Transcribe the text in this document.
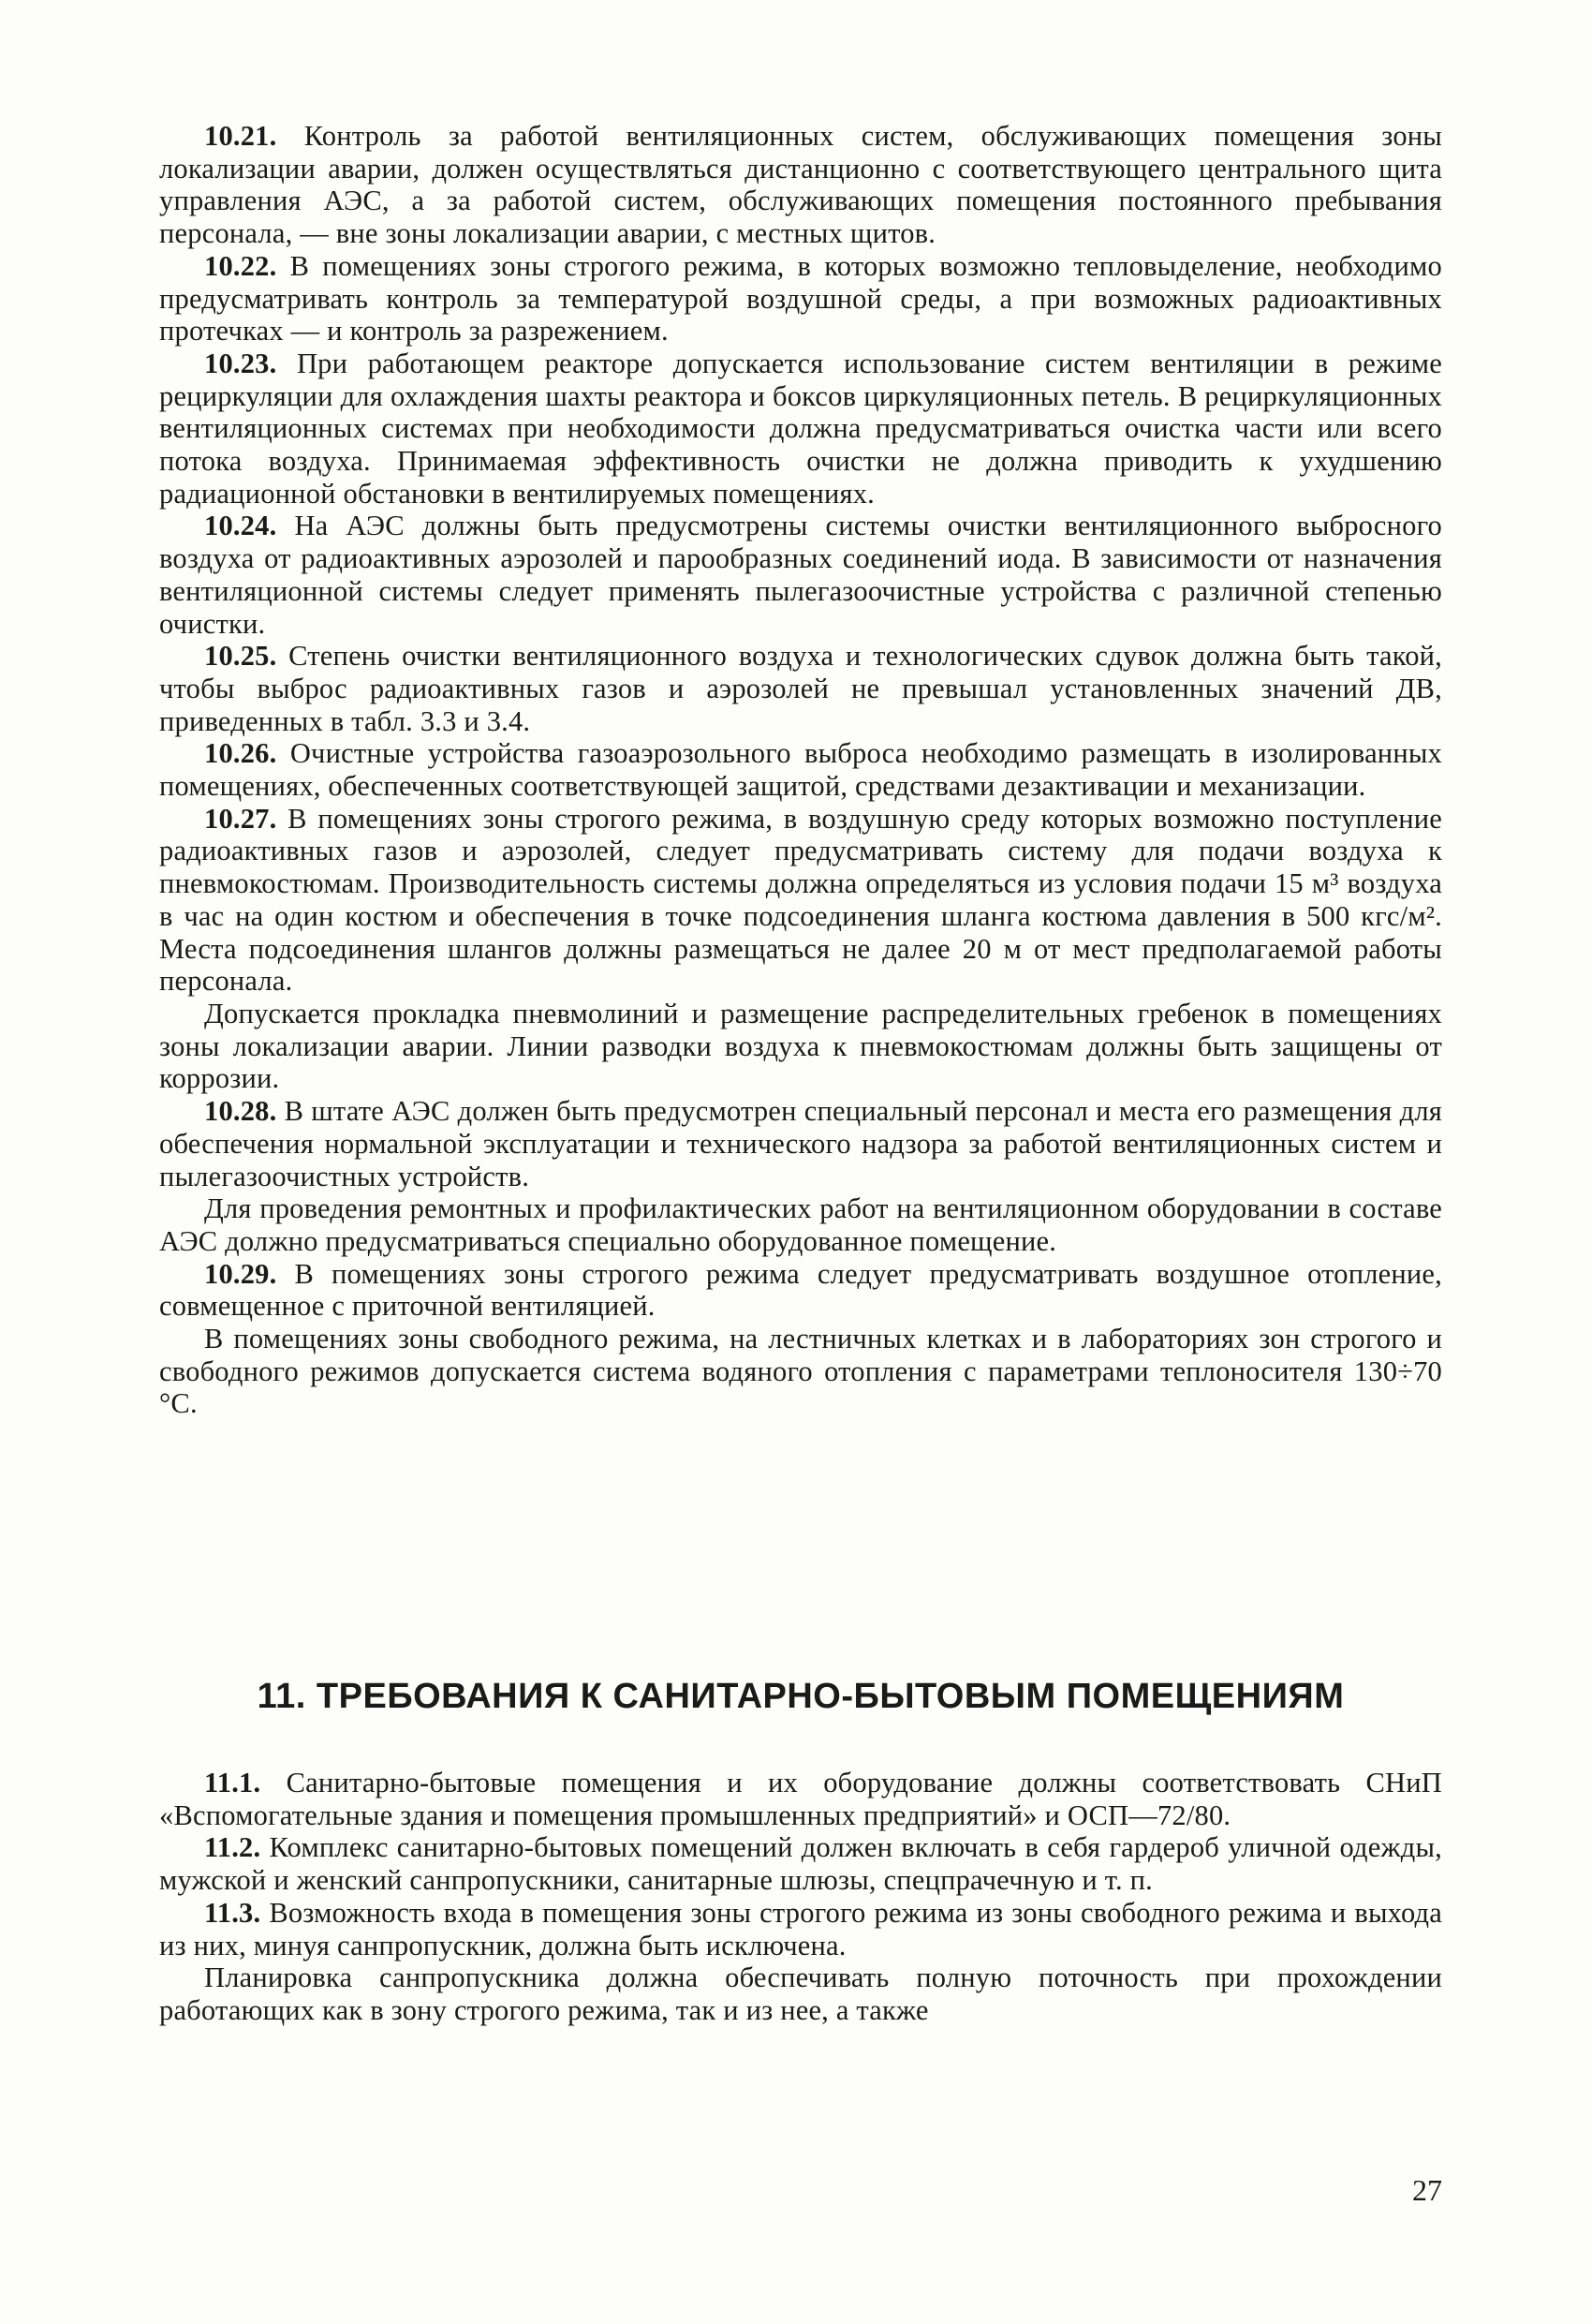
10.21. Контроль за работой вентиляционных систем, обслуживающих помещения зоны локализации аварии, должен осуществляться дистанционно с соответствующего центрального щита управления АЭС, а за работой систем, обслуживающих помещения постоянного пребывания персонала, — вне зоны локализации аварии, с местных щитов.

10.22. В помещениях зоны строгого режима, в которых возможно тепловыделение, необходимо предусматривать контроль за температурой воздушной среды, а при возможных радиоактивных протечках — и контроль за разрежением.

10.23. При работающем реакторе допускается использование систем вентиляции в режиме рециркуляции для охлаждения шахты реактора и боксов циркуляционных петель. В рециркуляционных вентиляционных системах при необходимости должна предусматриваться очистка части или всего потока воздуха. Принимаемая эффективность очистки не должна приводить к ухудшению радиационной обстановки в вентилируемых помещениях.

10.24. На АЭС должны быть предусмотрены системы очистки вентиляционного выбросного воздуха от радиоактивных аэрозолей и парообразных соединений иода. В зависимости от назначения вентиляционной системы следует применять пылегазоочистные устройства с различной степенью очистки.

10.25. Степень очистки вентиляционного воздуха и технологических сдувок должна быть такой, чтобы выброс радиоактивных газов и аэрозолей не превышал установленных значений ДВ, приведенных в табл. 3.3 и 3.4.

10.26. Очистные устройства газоаэрозольного выброса необходимо размещать в изолированных помещениях, обеспеченных соответствующей защитой, средствами дезактивации и механизации.

10.27. В помещениях зоны строгого режима, в воздушную среду которых возможно поступление радиоактивных газов и аэрозолей, следует предусматривать систему для подачи воздуха к пневмокостюмам. Производительность системы должна определяться из условия подачи 15 м³ воздуха в час на один костюм и обеспечения в точке подсоединения шланга костюма давления в 500 кгс/м². Места подсоединения шлангов должны размещаться не далее 20 м от мест предполагаемой работы персонала.

Допускается прокладка пневмолиний и размещение распределительных гребенок в помещениях зоны локализации аварии. Линии разводки воздуха к пневмокостюмам должны быть защищены от коррозии.

10.28. В штате АЭС должен быть предусмотрен специальный персонал и места его размещения для обеспечения нормальной эксплуатации и технического надзора за работой вентиляционных систем и пылегазоочистных устройств.

Для проведения ремонтных и профилактических работ на вентиляционном оборудовании в составе АЭС должно предусматриваться специально оборудованное помещение.

10.29. В помещениях зоны строгого режима следует предусматривать воздушное отопление, совмещенное с приточной вентиляцией.

В помещениях зоны свободного режима, на лестничных клетках и в лабораториях зон строгого и свободного режимов допускается система водяного отопления с параметрами теплоносителя 130÷70 °С.

11. ТРЕБОВАНИЯ К САНИТАРНО-БЫТОВЫМ ПОМЕЩЕНИЯМ

11.1. Санитарно-бытовые помещения и их оборудование должны соответствовать СНиП «Вспомогательные здания и помещения промышленных предприятий» и ОСП—72/80.

11.2. Комплекс санитарно-бытовых помещений должен включать в себя гардероб уличной одежды, мужской и женский санпропускники, санитарные шлюзы, спецпрачечную и т. п.

11.3. Возможность входа в помещения зоны строгого режима из зоны свободного режима и выхода из них, минуя санпропускник, должна быть исключена.

Планировка санпропускника должна обеспечивать полную поточность при прохождении работающих как в зону строгого режима, так и из нее, а также

27
